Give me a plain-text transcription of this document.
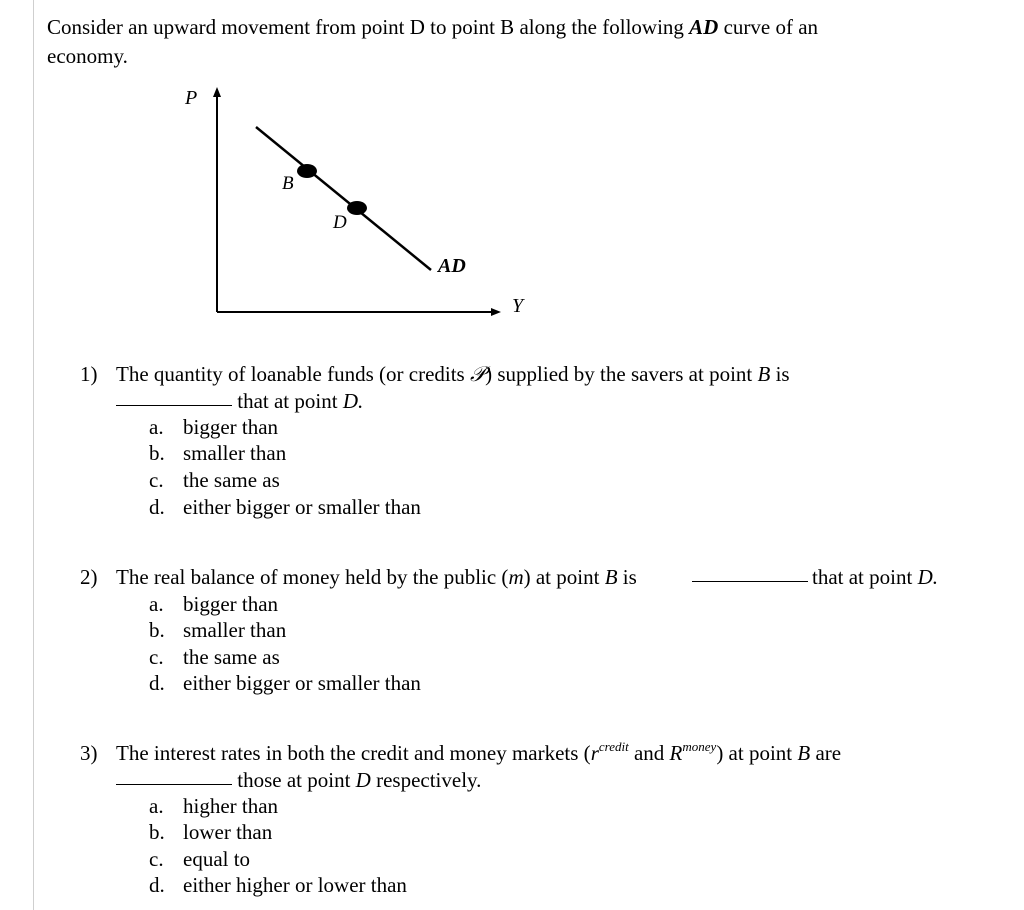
Consider an upward movement from point D to point B along the following AD curve of an
economy.
P
Y
AD
B
D
1) The quantity of loanable funds (or credits 𝒫) supplied by the savers at point B is
that at point D.
a. bigger than
b. smaller than
c. the same as
d. either bigger or smaller than
2) The real balance of money held by the public (m) at point B is	that at point D.
a. bigger than
b. smaller than
c. the same as
d. either bigger or smaller than
3) The interest rates in both the credit and money markets ($r^{credit}$ and $R^{money}$) at point B are
those at point D respectively.
a. higher than
b. lower than
c. equal to
d. either higher or lower than
